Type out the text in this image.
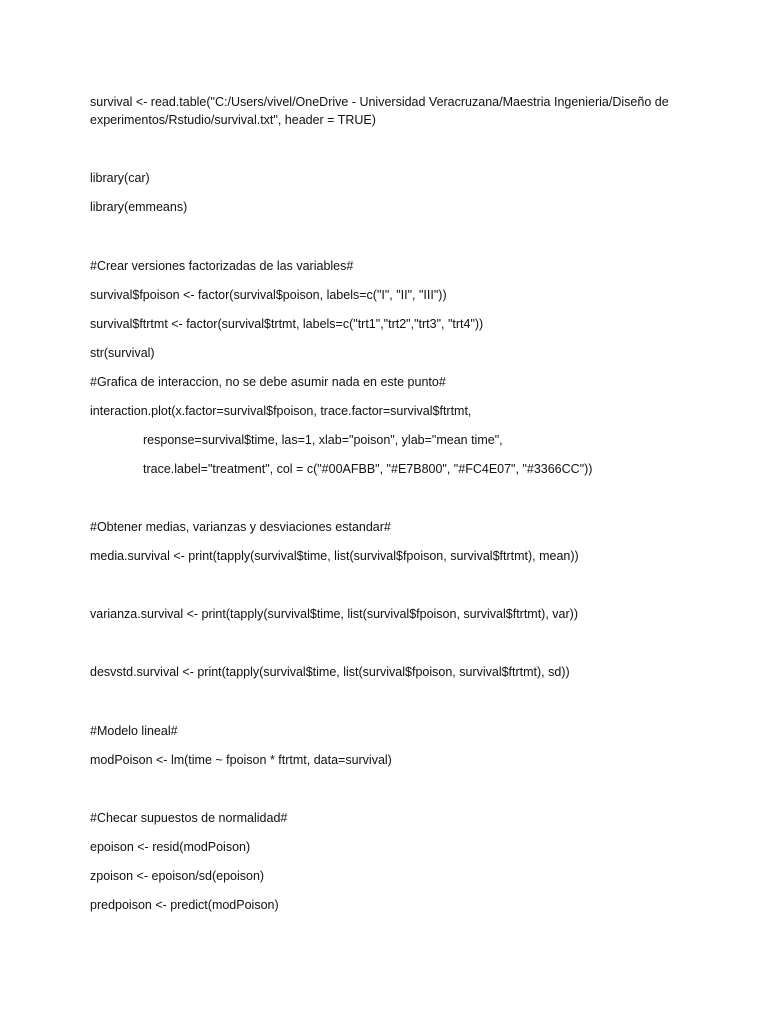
survival <- read.table("C:/Users/vivel/OneDrive - Universidad Veracruzana/Maestria Ingenieria/Diseño de experimentos/Rstudio/survival.txt", header = TRUE)

library(car)

library(emmeans)

#Crear versiones factorizadas de las variables#

survival$fpoison <- factor(survival$poison, labels=c("I", "II", "III"))

survival$ftrtmt <- factor(survival$trtmt, labels=c("trt1","trt2","trt3", "trt4"))

str(survival)

#Grafica de interaccion, no se debe asumir nada en este punto#

interaction.plot(x.factor=survival$fpoison, trace.factor=survival$ftrtmt,

response=survival$time, las=1, xlab="poison", ylab="mean time",

trace.label="treatment", col = c("#00AFBB", "#E7B800", "#FC4E07", "#3366CC"))

#Obtener medias, varianzas y desviaciones estandar#

media.survival <- print(tapply(survival$time, list(survival$fpoison, survival$ftrtmt), mean))

varianza.survival <- print(tapply(survival$time, list(survival$fpoison, survival$ftrtmt), var))

desvstd.survival <- print(tapply(survival$time, list(survival$fpoison, survival$ftrtmt), sd))

#Modelo lineal#

modPoison <- lm(time ~ fpoison * ftrtmt, data=survival)

#Checar supuestos de normalidad#

epoison <- resid(modPoison)

zpoison <- epoison/sd(epoison)

predpoison <- predict(modPoison)
